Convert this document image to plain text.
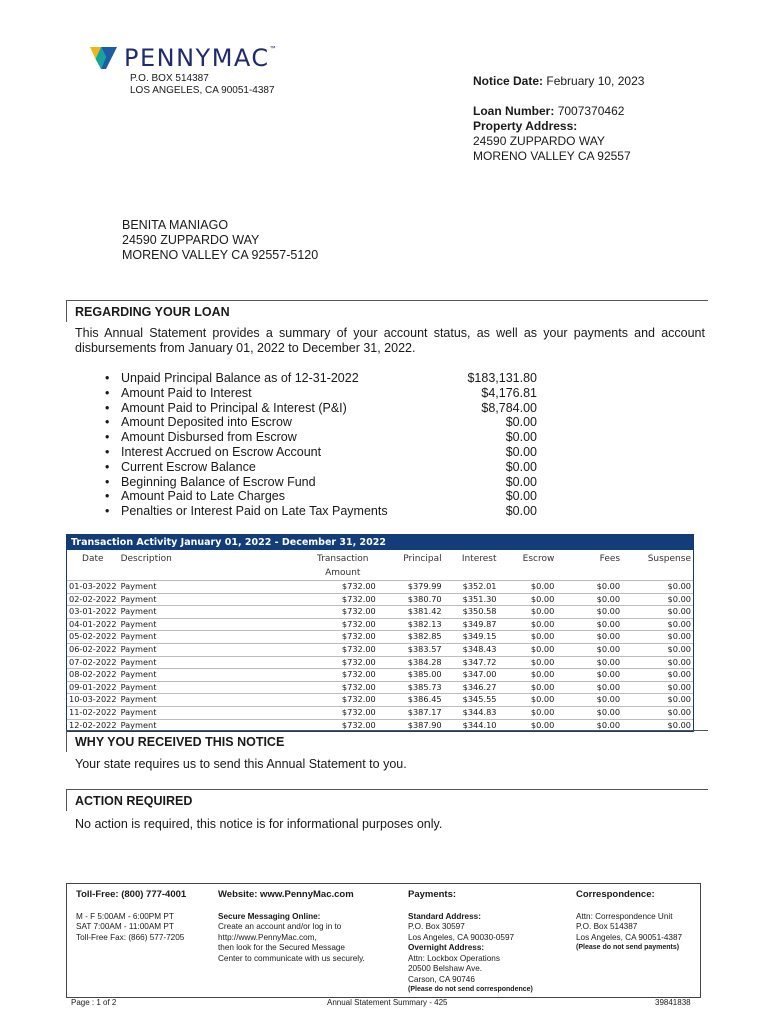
PENNYMAC ™
P.O. BOX 514387
LOS ANGELES, CA 90051-4387
Notice Date: February 10, 2023
Loan Number: 7007370462
Property Address:
24590 ZUPPARDO WAY
MORENO VALLEY CA 92557
BENITA MANIAGO
24590 ZUPPARDO WAY
MORENO VALLEY CA 92557-5120
REGARDING YOUR LOAN
This Annual Statement provides a summary of your account status, as well as your payments and account disbursements from January 01, 2022 to December 31, 2022.
• Unpaid Principal Balance as of 12-31-2022	$183,131.80
• Amount Paid to Interest	$4,176.81
• Amount Paid to Principal & Interest (P&I)	$8,784.00
• Amount Deposited into Escrow	$0.00
• Amount Disbursed from Escrow	$0.00
• Interest Accrued on Escrow Account	$0.00
• Current Escrow Balance	$0.00
• Beginning Balance of Escrow Fund	$0.00
• Amount Paid to Late Charges	$0.00
• Penalties or Interest Paid on Late Tax Payments	$0.00
Transaction Activity January 01, 2022 - December 31, 2022
Date	Description	Transaction Amount	Principal	Interest	Escrow	Fees	Suspense
01-03-2022	Payment	$732.00	$379.99	$352.01	$0.00	$0.00	$0.00
02-02-2022	Payment	$732.00	$380.70	$351.30	$0.00	$0.00	$0.00
03-01-2022	Payment	$732.00	$381.42	$350.58	$0.00	$0.00	$0.00
04-01-2022	Payment	$732.00	$382.13	$349.87	$0.00	$0.00	$0.00
05-02-2022	Payment	$732.00	$382.85	$349.15	$0.00	$0.00	$0.00
06-02-2022	Payment	$732.00	$383.57	$348.43	$0.00	$0.00	$0.00
07-02-2022	Payment	$732.00	$384.28	$347.72	$0.00	$0.00	$0.00
08-02-2022	Payment	$732.00	$385.00	$347.00	$0.00	$0.00	$0.00
09-01-2022	Payment	$732.00	$385.73	$346.27	$0.00	$0.00	$0.00
10-03-2022	Payment	$732.00	$386.45	$345.55	$0.00	$0.00	$0.00
11-02-2022	Payment	$732.00	$387.17	$344.83	$0.00	$0.00	$0.00
12-02-2022	Payment	$732.00	$387.90	$344.10	$0.00	$0.00	$0.00
WHY YOU RECEIVED THIS NOTICE
Your state requires us to send this Annual Statement to you.
ACTION REQUIRED
No action is required, this notice is for informational purposes only.
Toll-Free: (800) 777-4001
M - F 5:00AM - 6:00PM PT
SAT 7:00AM - 11:00AM PT
Toll-Free Fax: (866) 577-7205
Website: www.PennyMac.com
Secure Messaging Online:
Create an account and/or log in to
http://www.PennyMac.com,
then look for the Secured Message
Center to communicate with us securely.
Payments:
Standard Address:
P.O. Box 30597
Los Angeles, CA 90030-0597
Overnight Address:
Attn: Lockbox Operations
20500 Belshaw Ave.
Carson, CA 90746
(Please do not send correspondence)
Correspondence:
Attn: Correspondence Unit
P.O. Box 514387
Los Angeles, CA 90051-4387
(Please do not send payments)
Page : 1 of 2	Annual Statement Summary - 425	39841838
